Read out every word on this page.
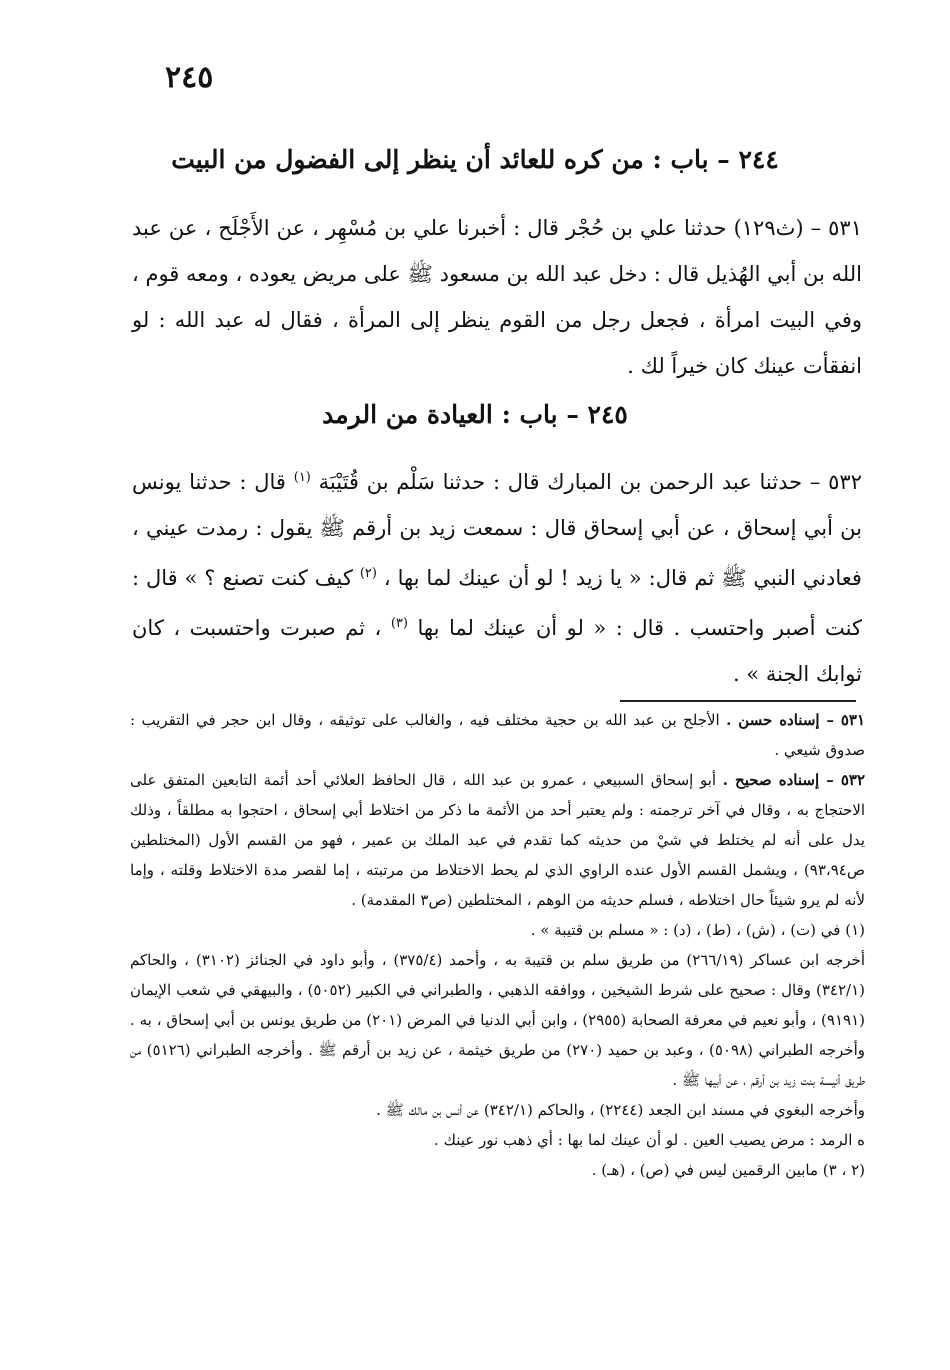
٢٤٥
٢٤٤ – باب : من كره للعائد أن ينظر إلى الفضول من البيت
٥٣١ – (ث١٢٩) حدثنا علي بن حُجْر قال : أخبرنا علي بن مُسْهِر ، عن الأَجْلَح ، عن عبد الله بن أبي الهُذيل قال : دخل عبد الله بن مسعود ﷺ على مريض يعوده ، ومعه قوم ، وفي البيت امرأة ، فجعل رجل من القوم ينظر إلى المرأة ، فقال له عبد الله : لو انفقأت عينك كان خيراً لك .
٢٤٥ – باب : العيادة من الرمد
٥٣٢ – حدثنا عبد الرحمن بن المبارك قال : حدثنا سَلْم بن قُتَيْبَة $^{(١)}$ قال : حدثنا يونس بن أبي إسحاق ، عن أبي إسحاق قال : سمعت زيد بن أرقم ﷺ يقول : رمدت عيني ، فعادني النبي ﷺ ثم قال: « يا زيد ! لو أن عينك لما بها ، $^{(٢)}$ كيف كنت تصنع ؟ » قال : كنت أصبر واحتسب . قال : « لو أن عينك لما بها $^{(٣)}$ ، ثم صبرت واحتسبت ، كان ثوابك الجنة » .

٥٣١ – إسناده حسن . الأجلح بن عبد الله بن حجية مختلف فيه ، والغالب على توثيقه ، وقال ابن حجر في التقريب : صدوق شيعي .

٥٣٢ – إسناده صحيح . أبو إسحاق السبيعي ، عمرو بن عبد الله ، قال الحافظ العلائي أحد أئمة التابعين المتفق على الاحتجاج به ، وقال في آخر ترجمته : ولم يعتبر أحد من الأئمة ما ذكر من اختلاط أبي إسحاق ، احتجوا به مطلقاً ، وذلك يدل على أنه لم يختلط في شيْ من حديثه كما تقدم في عبد الملك بن عمير ، فهو من القسم الأول (المختلطين ص٩٣،٩٤) ، ويشمل القسم الأول عنده الراوي الذي لم يحط الاختلاط من مرتبته ، إما لقصر مدة الاختلاط وقلته ، وإما لأنه لم يرو شيئاً حال اختلاطه ، فسلم حديثه من الوهم ، المختلطين (ص٣ المقدمة) .

(١) في (ت) ، (ش) ، (ط) ، (د) : « مسلم بن قتيبة » .

أخرجه ابن عساكر (٢٦٦/١٩) من طريق سلم بن قتيبة به ، وأحمد (٣٧٥/٤) ، وأبو داود في الجنائز (٣١٠٢) ، والحاكم (٣٤٢/١) وقال : صحيح على شرط الشيخين ، ووافقه الذهبي ، والطبراني في الكبير (٥٠٥٢) ، والبيهقي في شعب الإيمان (٩١٩١) ، وأبو نعيم في معرفة الصحابة (٢٩٥٥) ، وابن أبي الدنيا في المرض (٢٠١) من طريق يونس بن أبي إسحاق ، به . وأخرجه الطبراني (٥٠٩٨) ، وعبد بن حميد (٢٧٠) من طريق خيثمة ، عن زيد بن أرقم ﷺ . وأخرجه الطبراني (٥١٢٦) من طريق أنيسة بنت زيد بن أرقم ، عن أبيها ﷺ .

وأخرجه البغوي في مسند ابن الجعد (٢٢٤٤) ، والحاكم (٣٤٢/١) عن أنس بن مالك ﷺ .

ه الرمد : مرض يصيب العين . لو أن عينك لما بها : أي ذهب نور عينك .

(٢ ، ٣) مابين الرقمين ليس في (ص) ، (هـ) .
